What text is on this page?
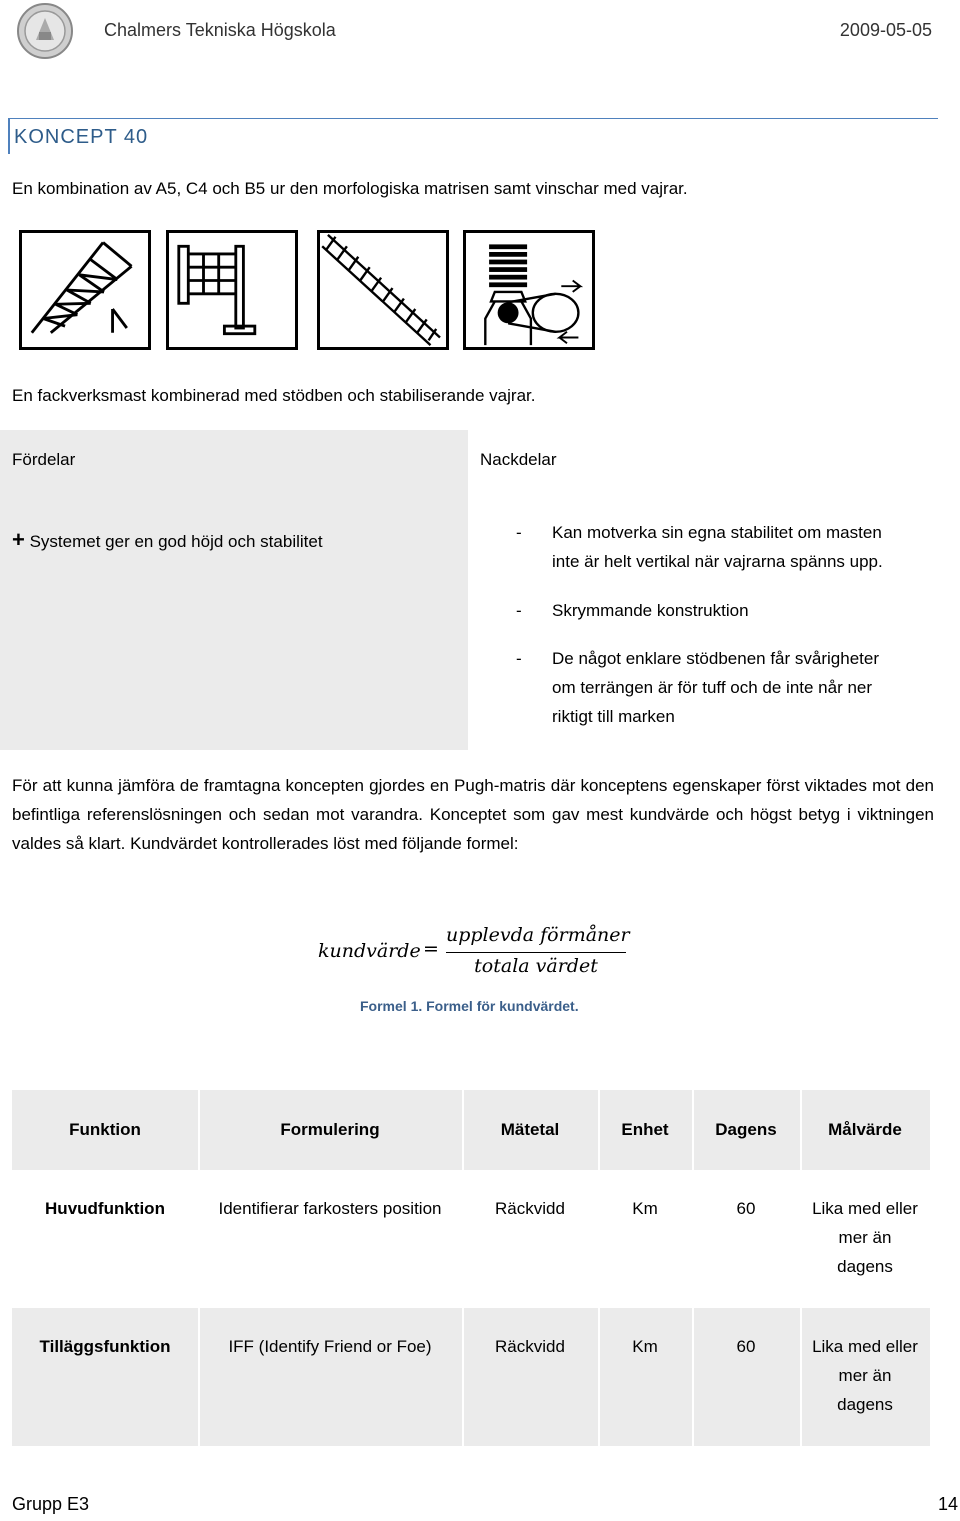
Chalmers Tekniska Högskola	2009-05-05
KONCEPT 40
En kombination av A5, C4 och B5 ur den morfologiska matrisen samt vinschar med vajrar.
En fackverksmast kombinerad med stödben och stabiliserande vajrar.
Fördelar	Nackdelar
+ Systemet ger en god höjd och stabilitet	- Kan motverka sin egna stabilitet om masten
inte är helt vertikal när vajrarna spänns upp.
- Skrymmande konstruktion
- De något enklare stödbenen får svårigheter
om terrängen är för tuff och de inte når ner
riktigt till marken
För att kunna jämföra de framtagna koncepten gjordes en Pugh-matris där konceptens egenskaper först viktades mot den befintliga referenslösningen och sedan mot varandra. Konceptet som gav mest kundvärde och högst betyg i viktningen valdes så klart. Kundvärdet kontrollerades löst med följande formel:
kundvärde =
upplevda förmåner
totala värdet
Formel 1. Formel för kundvärdet.
Funktion	Formulering	Mätetal	Enhet	Dagens	Målvärde
Huvudfunktion	Identifierar farkosters position	Räckvidd	Km	60	Lika med eller
mer än
dagens
Tilläggsfunktion	IFF (Identify Friend or Foe)	Räckvidd	Km	60	Lika med eller
mer än
dagens
Grupp E3	14
